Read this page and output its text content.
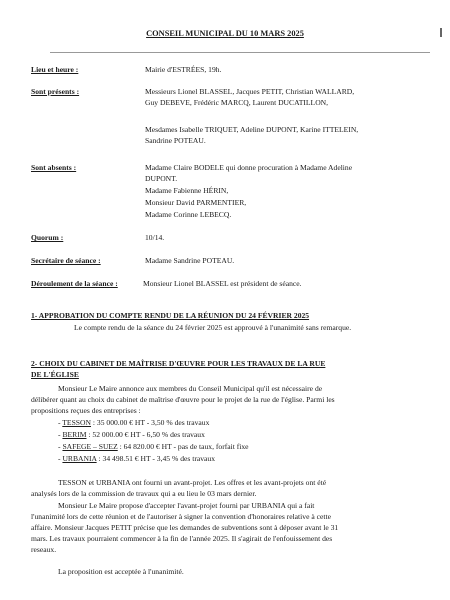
CONSEIL MUNICIPAL DU 10 MARS 2025
Lieu et heure :	Mairie d'ESTRÉES, 19h.
Sont présents :	Messieurs Lionel BLASSEL, Jacques PETIT, Christian WALLARD,
Guy DEBEVE, Frédéric MARCQ, Laurent DUCATILLON,
Mesdames Isabelle TRIQUET, Adeline DUPONT, Karine ITTELEIN,
Sandrine POTEAU.
Sont absents :	Madame Claire BODELE qui donne procuration à Madame Adeline
DUPONT.
Madame Fabienne HÉRIN,
Monsieur David PARMENTIER,
Madame Corinne LEBECQ.
Quorum :	10/14.
Secrétaire de séance :	Madame Sandrine POTEAU.
Déroulement de la séance :	Monsieur Lionel BLASSEL est président de séance.
1- APPROBATION DU COMPTE RENDU DE LA RÉUNION DU 24 FÉVRIER 2025
Le compte rendu de la séance du 24 février 2025 est approuvé à l'unanimité sans remarque.
2- CHOIX DU CABINET DE MAÎTRISE D'ŒUVRE POUR LES TRAVAUX DE LA RUE
DE L'ÉGLISE
Monsieur Le Maire annonce aux membres du Conseil Municipal qu'il est nécessaire de
délibérer quant au choix du cabinet de maîtrise d'œuvre pour le projet de la rue de l'église. Parmi les
propositions reçues des entreprises :
- TESSON : 35 000.00 € HT - 3,50 % des travaux
- BERIM : 52 000.00 € HT - 6,50 % des travaux
- SAFEGE – SUEZ : 64 820.00 € HT - pas de taux, forfait fixe
- URBANIA : 34 498.51 € HT - 3,45 % des travaux
TESSON et URBANIA ont fourni un avant-projet. Les offres et les avant-projets ont été
analysés lors de la commission de travaux qui a eu lieu le 03 mars dernier.
Monsieur Le Maire propose d'accepter l'avant-projet fourni par URBANIA qui a fait
l'unanimité lors de cette réunion et de l'autoriser à signer la convention d'honoraires relative à cette
affaire. Monsieur Jacques PETIT précise que les demandes de subventions sont à déposer avant le 31
mars. Les travaux pourraient commencer à la fin de l'année 2025. Il s'agirait de l'enfouissement des
reseaux.
La proposition est acceptée à l'unanimité.
